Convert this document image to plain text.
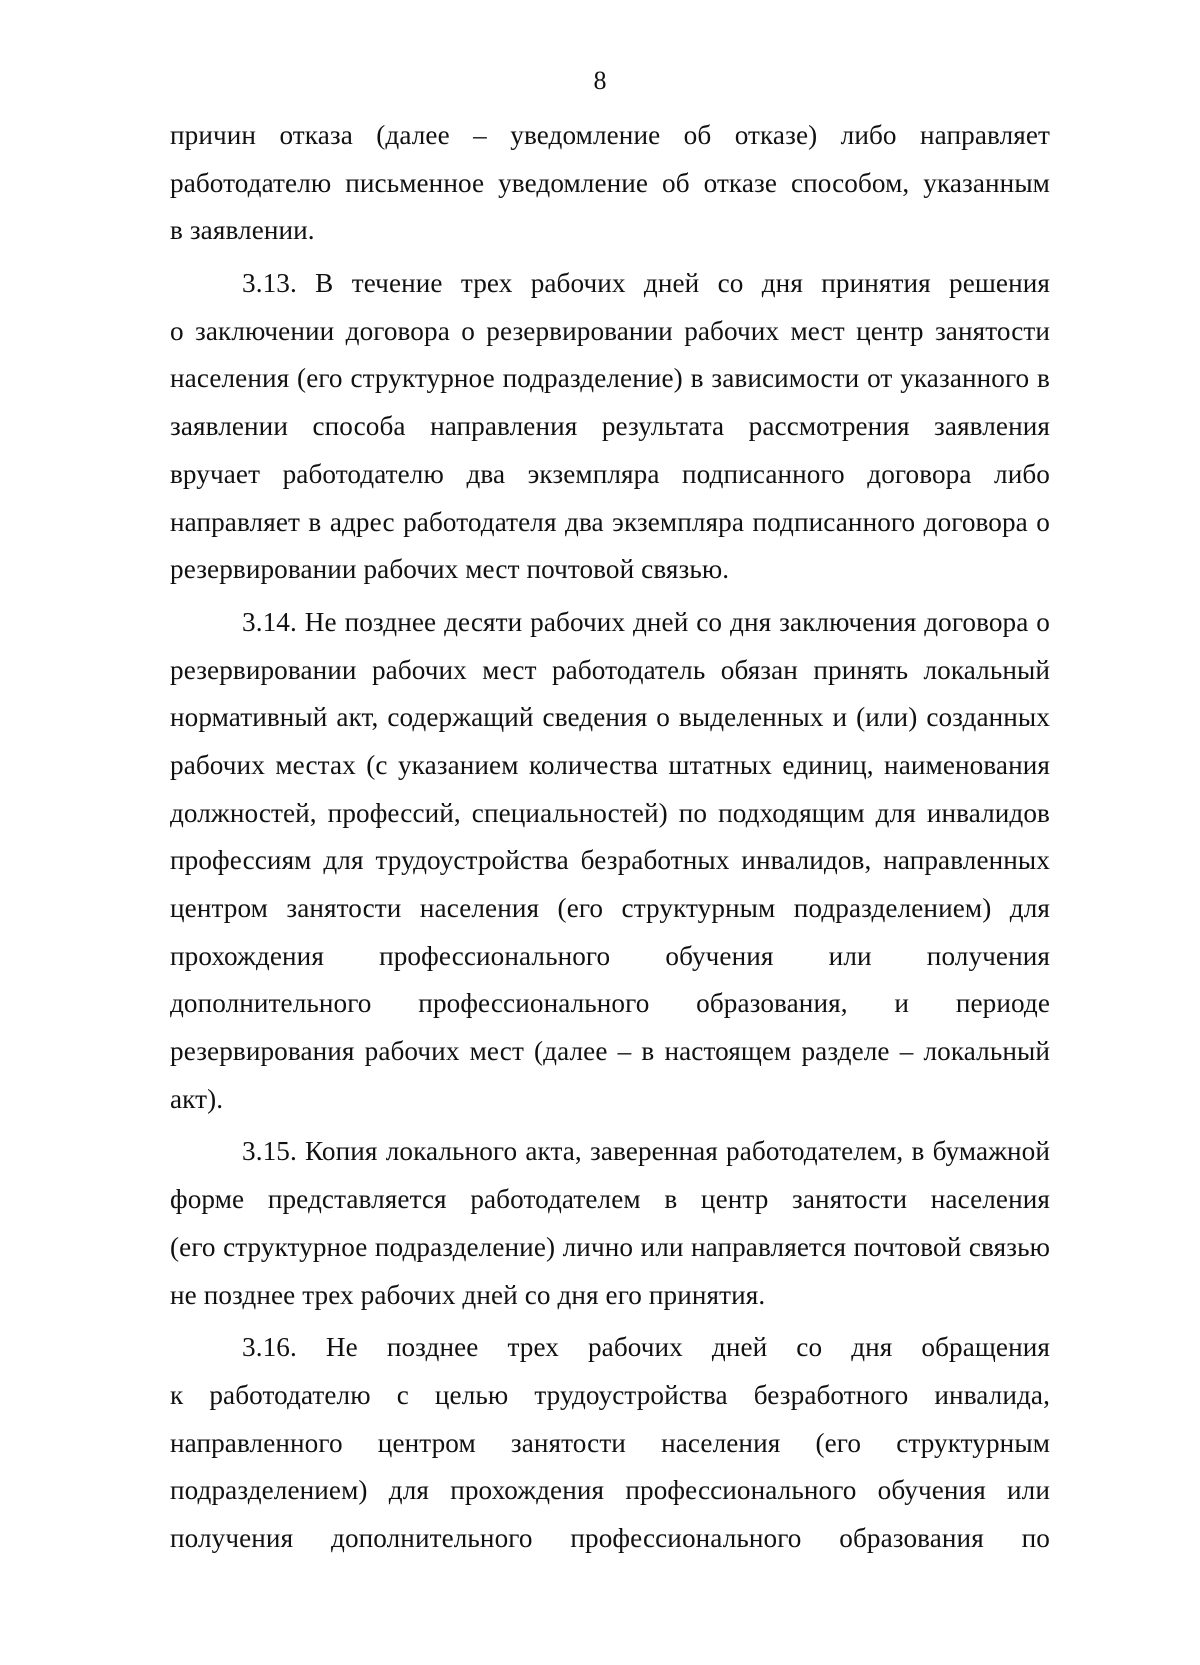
8
причин отказа (далее – уведомление об отказе) либо направляет
работодателю письменное уведомление об отказе способом, указанным
в заявлении.
3.13. В течение трех рабочих дней со дня принятия решения
о заключении договора о резервировании рабочих мест центр занятости
населения (его структурное подразделение) в зависимости от указанного в
заявлении способа направления результата рассмотрения заявления
вручает работодателю два экземпляра подписанного договора либо
направляет в адрес работодателя два экземпляра подписанного договора о
резервировании рабочих мест почтовой связью.
3.14. Не позднее десяти рабочих дней со дня заключения договора о
резервировании рабочих мест работодатель обязан принять локальный
нормативный акт, содержащий сведения о выделенных и (или) созданных
рабочих местах (с указанием количества штатных единиц, наименования
должностей, профессий, специальностей) по подходящим для инвалидов
профессиям для трудоустройства безработных инвалидов, направленных
центром занятости населения (его структурным подразделением) для
прохождения профессионального обучения или получения
дополнительного профессионального образования, и периоде
резервирования рабочих мест (далее – в настоящем разделе – локальный
акт).
3.15. Копия локального акта, заверенная работодателем, в бумажной
форме представляется работодателем в центр занятости населения
(его структурное подразделение) лично или направляется почтовой связью
не позднее трех рабочих дней со дня его принятия.
3.16. Не позднее трех рабочих дней со дня обращения
к работодателю с целью трудоустройства безработного инвалида,
направленного центром занятости населения (его структурным
подразделением) для прохождения профессионального обучения или
получения дополнительного профессионального образования по
